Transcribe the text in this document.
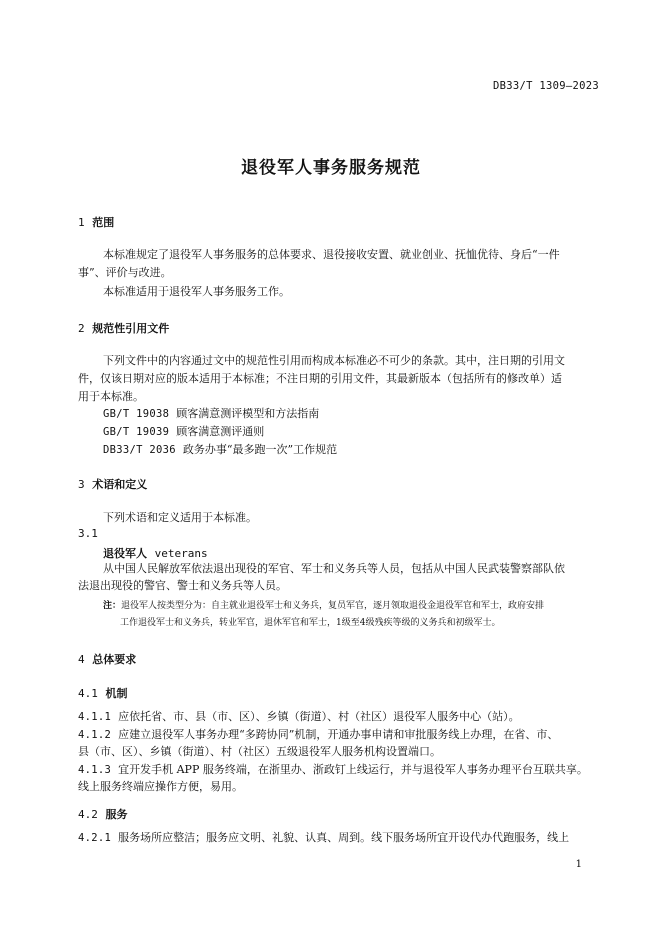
DB33/T 1309—2023
退役军人事务服务规范
1 范围
本标准规定了退役军人事务服务的总体要求、退役接收安置、就业创业、抚恤优待、身后“一件
事”、评价与改进。
本标准适用于退役军人事务服务工作。
2 规范性引用文件
下列文件中的内容通过文中的规范性引用而构成本标准必不可少的条款。其中，注日期的引用文
件，仅该日期对应的版本适用于本标准；不注日期的引用文件，其最新版本（包括所有的修改单）适
用于本标准。
GB/T 19038 顾客满意测评模型和方法指南
GB/T 19039 顾客满意测评通则
DB33/T 2036 政务办事“最多跑一次”工作规范
3 术语和定义
下列术语和定义适用于本标准。
3.1
退役军人 veterans
从中国人民解放军依法退出现役的军官、军士和义务兵等人员，包括从中国人民武装警察部队依
法退出现役的警官、警士和义务兵等人员。
注：退役军人按类型分为：自主就业退役军士和义务兵，复员军官，逐月领取退役金退役军官和军士，政府安排
工作退役军士和义务兵，转业军官，退休军官和军士，1级至4级残疾等级的义务兵和初级军士。
4 总体要求
4.1 机制
4.1.1 应依托省、市、县（市、区）、乡镇（街道）、村（社区）退役军人服务中心（站）。
4.1.2 应建立退役军人事务办理“多跨协同”机制，开通办事申请和审批服务线上办理，在省、市、
县（市、区）、乡镇（街道）、村（社区）五级退役军人服务机构设置端口。
4.1.3 宜开发手机 APP 服务终端，在浙里办、浙政钉上线运行，并与退役军人事务办理平台互联共享。
线上服务终端应操作方便，易用。
4.2 服务
4.2.1 服务场所应整洁；服务应文明、礼貌、认真、周到。线下服务场所宜开设代办代跑服务，线上
1
